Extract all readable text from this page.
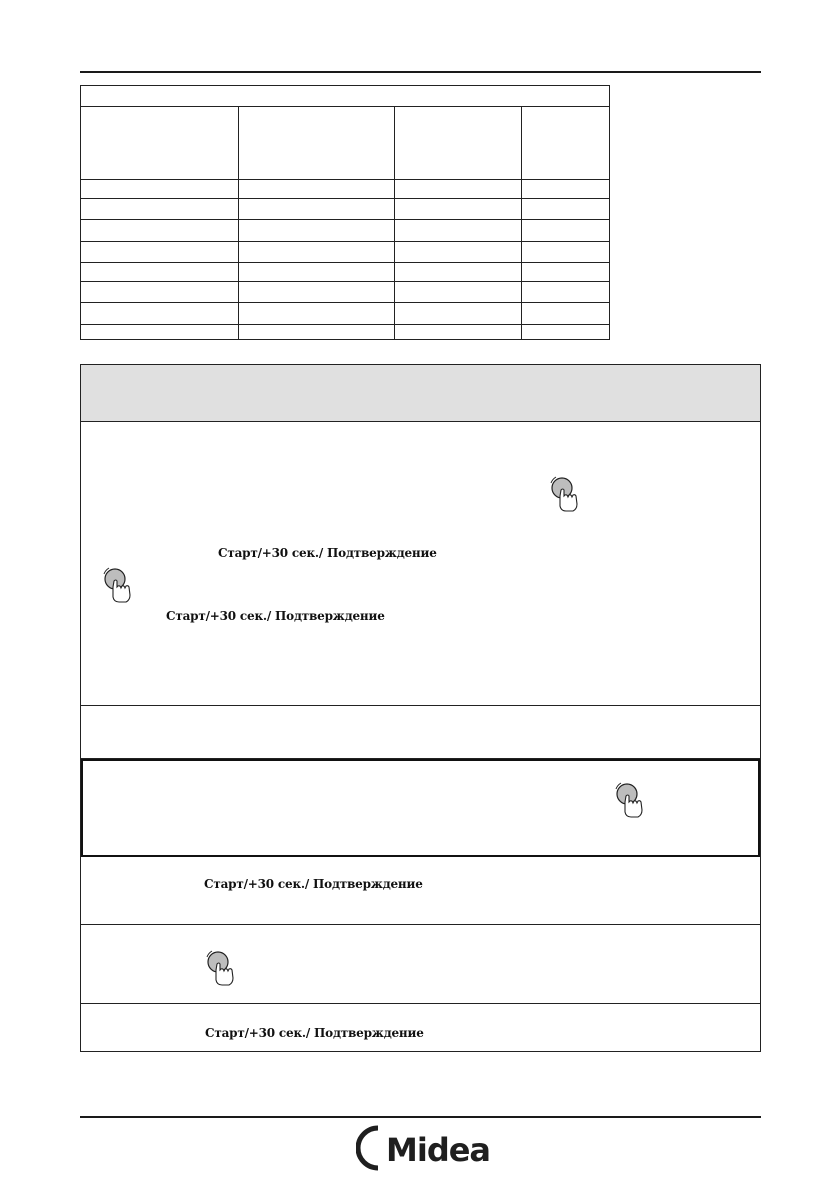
Старт/+30 сек./ Подтверждение
Старт/+30 сек./ Подтверждение
Старт/+30 сек./ Подтверждение
Старт/+30 сек./ Подтверждение
Midea
